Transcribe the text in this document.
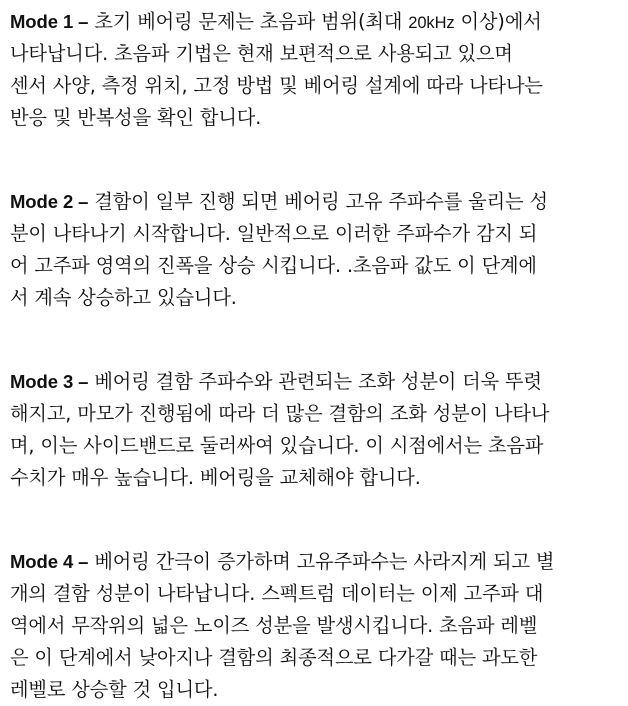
Mode 1 – 초기 베어링 문제는 초음파 범위(최대 20kHz 이상)에서
나타납니다. 초음파 기법은 현재 보편적으로 사용되고 있으며
센서 사양, 측정 위치, 고정 방법 및 베어링 설계에 따라 나타나는
반응 및 반복성을 확인 합니다.
Mode 2 – 결함이 일부 진행 되면 베어링 고유 주파수를 울리는 성
분이 나타나기 시작합니다. 일반적으로 이러한 주파수가 감지 되
어 고주파 영역의 진폭을 상승 시킵니다. .초음파 값도 이 단계에
서 계속 상승하고 있습니다.
Mode 3 – 베어링 결함 주파수와 관련되는 조화 성분이 더욱 뚜렷
해지고, 마모가 진행됨에 따라 더 많은 결함의 조화 성분이 나타나
며, 이는 사이드밴드로 둘러싸여 있습니다. 이 시점에서는 초음파
수치가 매우 높습니다. 베어링을 교체해야 합니다.
Mode 4 – 베어링 간극이 증가하며 고유주파수는 사라지게 되고 별
개의 결함 성분이 나타납니다. 스펙트럼 데이터는 이제 고주파 대
역에서 무작위의 넓은 노이즈 성분을 발생시킵니다. 초음파 레벨
은 이 단계에서 낮아지나 결함의 최종적으로 다가갈 때는 과도한
레벨로 상승할 것 입니다.
